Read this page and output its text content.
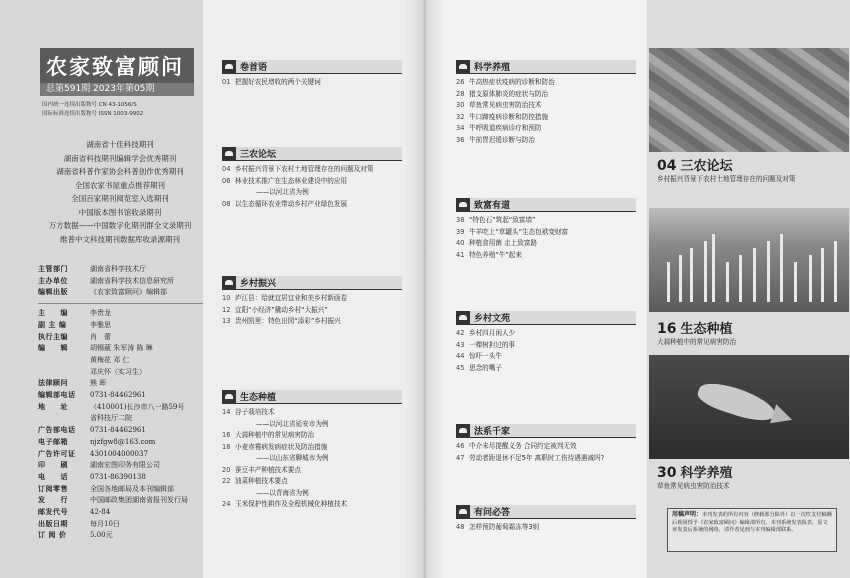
农家致富顾问
总第591期 2023年第05期
国内统一连续出版物号 CN 43-1056/S
国际标准连续出版物号 ISSN 1003-9902
湖南省十佳科技期刊
湖南省科技期刊编辑学会优秀期刊
湖南省科普作家协会科普创作优秀期刊
全国农家书屋重点推荐期刊
全国百家期刊阅览室入选期刊
中国版本图书馆收录期刊
万方数据——中国数字化期刊群全文录期刊
维普中文科技期刊数据库收录源期刊
主管部门	湖南省科学技术厅
主办单位	湖南省科学技术信息研究所
编辑出版	《农家致富顾问》编辑部
主　　编	李贵龙
副 主 编	李雅思
执行主编	肖　蕾
编　　辑	胡锡葳 朱军涛 陈 琳
黄梅花 邓 仁
邓庆怀（实习生）
法律顾问	熊 晖
编辑部电话	0731-84462961
地　　址	（410001)长沙市八一路59号
省科技厅二院
广告部电话	0731-84462961
电子邮箱	njzfgw8@163.com
广告许可证	4301004000037
印　　刷	湖南宏图印务有限公司
电　　话	0731-86390138
订阅零售	全国各地邮局及本刊编辑部
发　　行	中国邮政集团湖南省报刊发行局
邮发代号	42-84
出版日期	每月10日
订 阅 价	5.00元
卷首语
01 把握好农民增收的两个关键词
三农论坛
04 乡村振兴背景下农村土地管理存在的问题及对策
06 林业技术推广在生态林业建设中的应用
——以河北省为例
08 以生态循环农业带动乡村产业绿色发展
乡村振兴
10 庐江县：给就宜居宜业和美乡村新画卷
12 宜阳“小经济”撬动乡村“大振兴”
13 贵州凯里：特色田园“添彩”乡村振兴
生态种植
14 谷子栽培技术
——以河北省延安市为例
16 大蒜种植中的常见病害防治
18 小麦赤霉病发病症状及防治措施
——以山东省聊城市为例
20 蚕豆丰产种植技术要点
22 油菜种植技术要点
——以青海省为例
24 玉米保护性耕作及全程机械化种植技术
科学养殖
26 牛高热症状疫病的诊断和防治
28 猪支原体肺炎的症状与防治
30 草鱼常见病虫害防治技术
32 牛口蹄疫病诊断和防控措施
34 牛呼吸道疾病诊疗和预防
36 牛前胃迟缓诊断与防治
致富有道
38 “特色石”筑起“致富墙”
39 牛羊吃上“草罐头”生态包袱变财富
40 种植食用菌 走上致富路
41 特色养殖“牛”起来
乡村文苑
42 乡村四月闲人少
43 一棵树担过的事
44 惊吓一头牛
45 思念的嘴子
法系千家
46 中介未尽提醒义务 合同约定被判无效
47 劳动者距退休不足5年 离职时工伤待遇遇减吗?
有问必答
48 怎样预防葡萄霜冻等3则
04 三农论坛
乡村振兴背景下农村土地管理存在的问题及对策
16 生态种植
大蒜种植中的常见病害防治
30 科学养殖
草鱼常见病虫害防治技术
用稿声明：本刊发表的所有内容（修载部分除外）以一次性支付稿酬后视同授予《农家致富顾问》编辑部所有。本刊系统发表报表，原文章发表后系统的网络，请作者见到与本刊编辑部联系。
